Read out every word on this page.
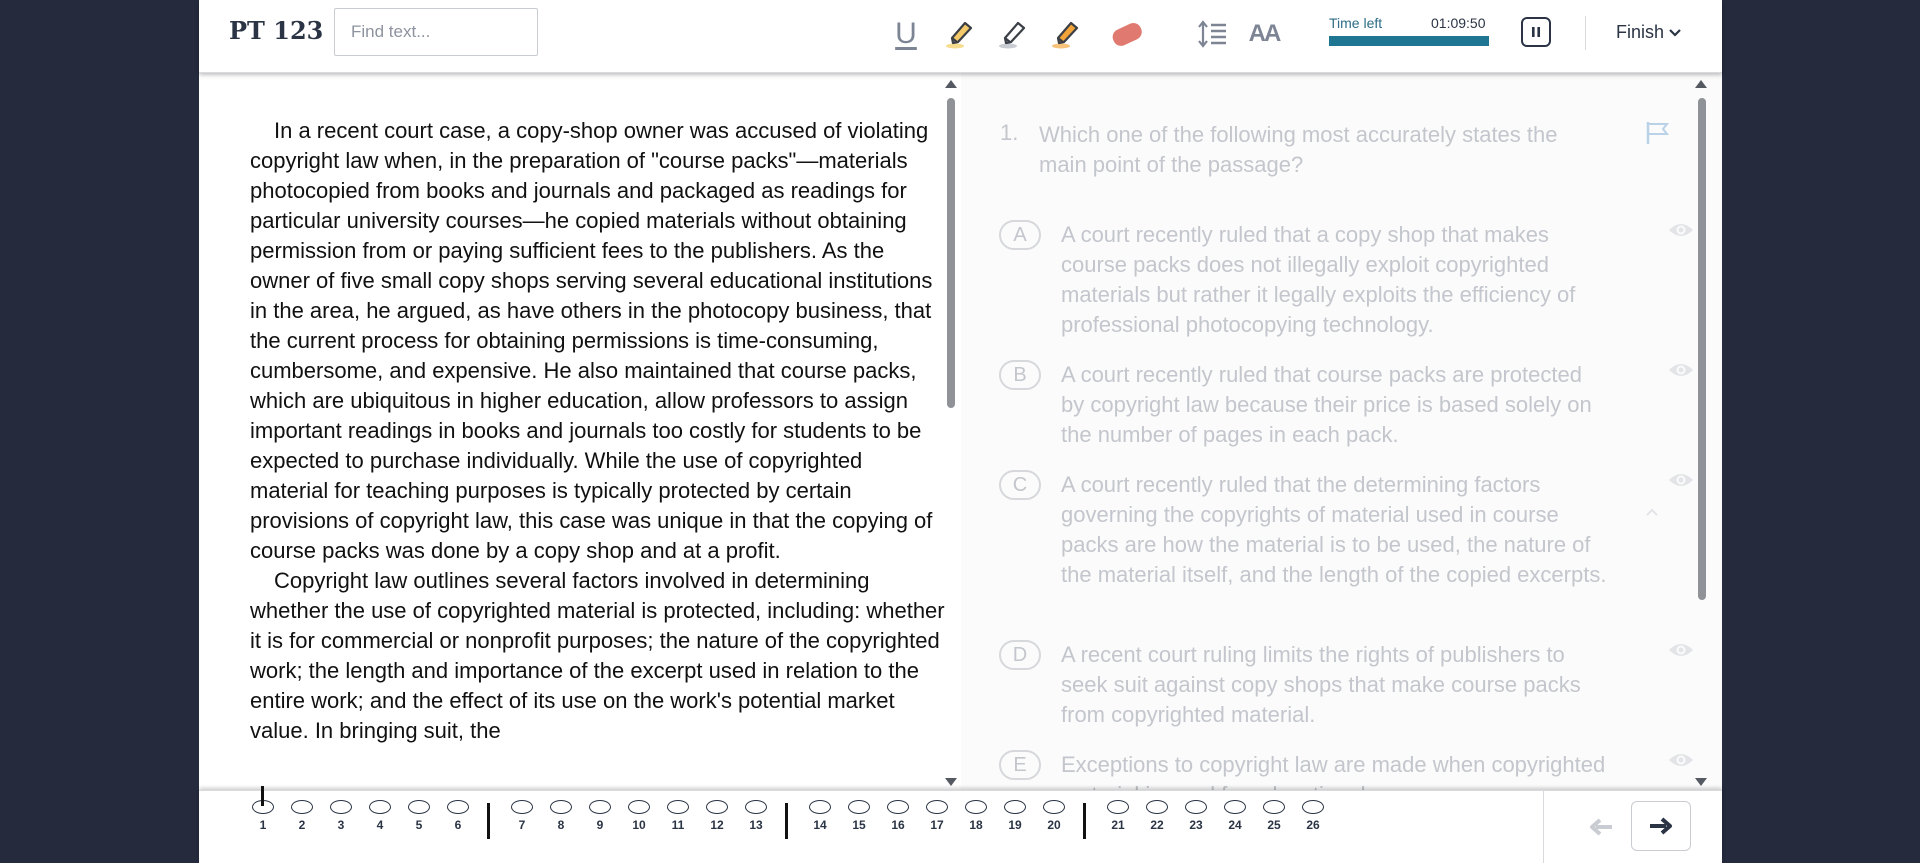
PT 123
Find text...	U	AA	Time left	01:09:50	Finish

In a recent court case, a copy-shop owner was accused of violating copyright law when, in the preparation of "course packs"—materials photocopied from books and journals and packaged as readings for particular university courses—he copied materials without obtaining permission from or paying sufficient fees to the publishers. As the owner of five small copy shops serving several educational institutions in the area, he argued, as have others in the photocopy business, that the current process for obtaining permissions is time-consuming, cumbersome, and expensive. He also maintained that course packs, which are ubiquitous in higher education, allow professors to assign important readings in books and journals too costly for students to be expected to purchase individually. While the use of copyrighted material for teaching purposes is typically protected by certain provisions of copyright law, this case was unique in that the copying of course packs was done by a copy shop and at a profit.

Copyright law outlines several factors involved in determining whether the use of copyrighted material is protected, including: whether it is for commercial or nonprofit purposes; the nature of the copyrighted work; the length and importance of the excerpt used in relation to the entire work; and the effect of its use on the work's potential market value. In bringing suit, the

1. Which one of the following most accurately states the main point of the passage?
A	A court recently ruled that a copy shop that makes course packs does not illegally exploit copyrighted materials but rather it legally exploits the efficiency of professional photocopying technology.
B	A court recently ruled that course packs are protected by copyright law because their price is based solely on the number of pages in each pack.
C	A court recently ruled that the determining factors governing the copyrights of material used in course packs are how the material is to be used, the nature of the material itself, and the length of the copied excerpts.
D	A recent court ruling limits the rights of publishers to seek suit against copy shops that make course packs from copyrighted material.
E	Exceptions to copyright law are made when copyrighted
1	2	3	4	5	6	7	8	9	10	11	12	13	14	15	16	17	18	19	20	21	22	23	24	25	26
